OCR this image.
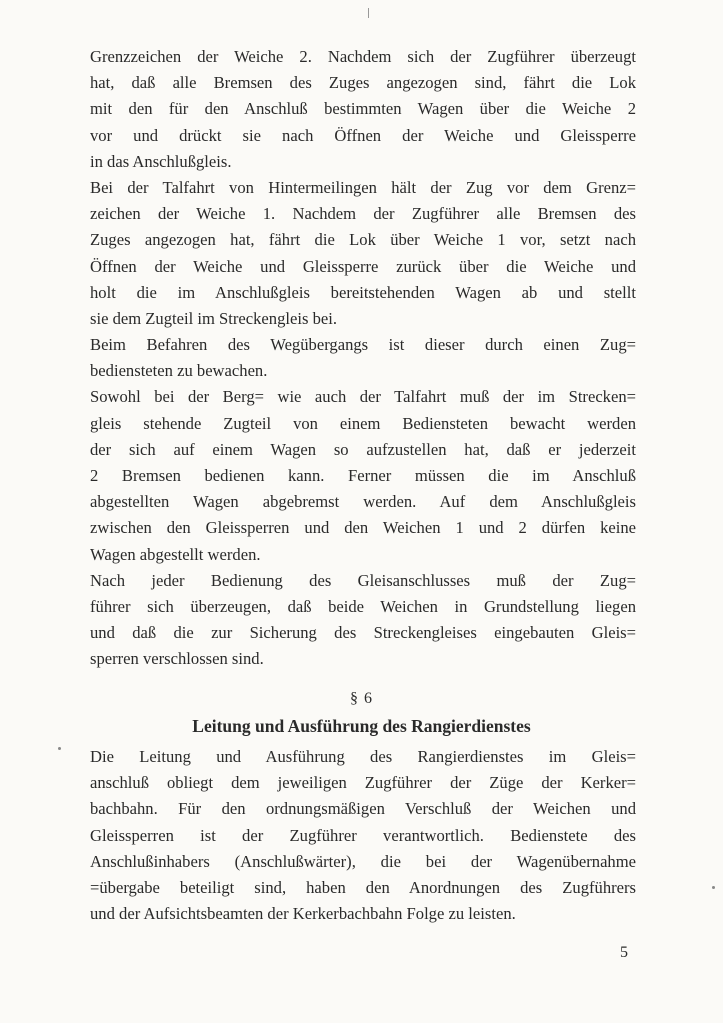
Grenzzeichen der Weiche 2. Nachdem sich der Zugführer überzeugt
hat, daß alle Bremsen des Zuges angezogen sind, fährt die Lok
mit den für den Anschluß bestimmten Wagen über die Weiche 2
vor und drückt sie nach Öffnen der Weiche und Gleissperre
in das Anschlußgleis.
Bei der Talfahrt von Hintermeilingen hält der Zug vor dem Grenz=
zeichen der Weiche 1. Nachdem der Zugführer alle Bremsen des
Zuges angezogen hat, fährt die Lok über Weiche 1 vor, setzt nach
Öffnen der Weiche und Gleissperre zurück über die Weiche und
holt die im Anschlußgleis bereitstehenden Wagen ab und stellt
sie dem Zugteil im Streckengleis bei.
Beim Befahren des Wegübergangs ist dieser durch einen Zug=
bediensteten zu bewachen.
Sowohl bei der Berg= wie auch der Talfahrt muß der im Strecken=
gleis stehende Zugteil von einem Bediensteten bewacht werden
der sich auf einem Wagen so aufzustellen hat, daß er jederzeit
2 Bremsen bedienen kann. Ferner müssen die im Anschluß
abgestellten Wagen abgebremst werden. Auf dem Anschlußgleis
zwischen den Gleissperren und den Weichen 1 und 2 dürfen keine
Wagen abgestellt werden.
Nach jeder Bedienung des Gleisanschlusses muß der Zug=
führer sich überzeugen, daß beide Weichen in Grundstellung liegen
und daß die zur Sicherung des Streckengleises eingebauten Gleis=
sperren verschlossen sind.
§ 6
Leitung und Ausführung des Rangierdienstes
Die Leitung und Ausführung des Rangierdienstes im Gleis=
anschluß obliegt dem jeweiligen Zugführer der Züge der Kerker=
bachbahn. Für den ordnungsmäßigen Verschluß der Weichen und
Gleissperren ist der Zugführer verantwortlich. Bedienstete des
Anschlußinhabers (Anschlußwärter), die bei der Wagenübernahme
=übergabe beteiligt sind, haben den Anordnungen des Zugführers
und der Aufsichtsbeamten der Kerkerbachbahn Folge zu leisten.
5
